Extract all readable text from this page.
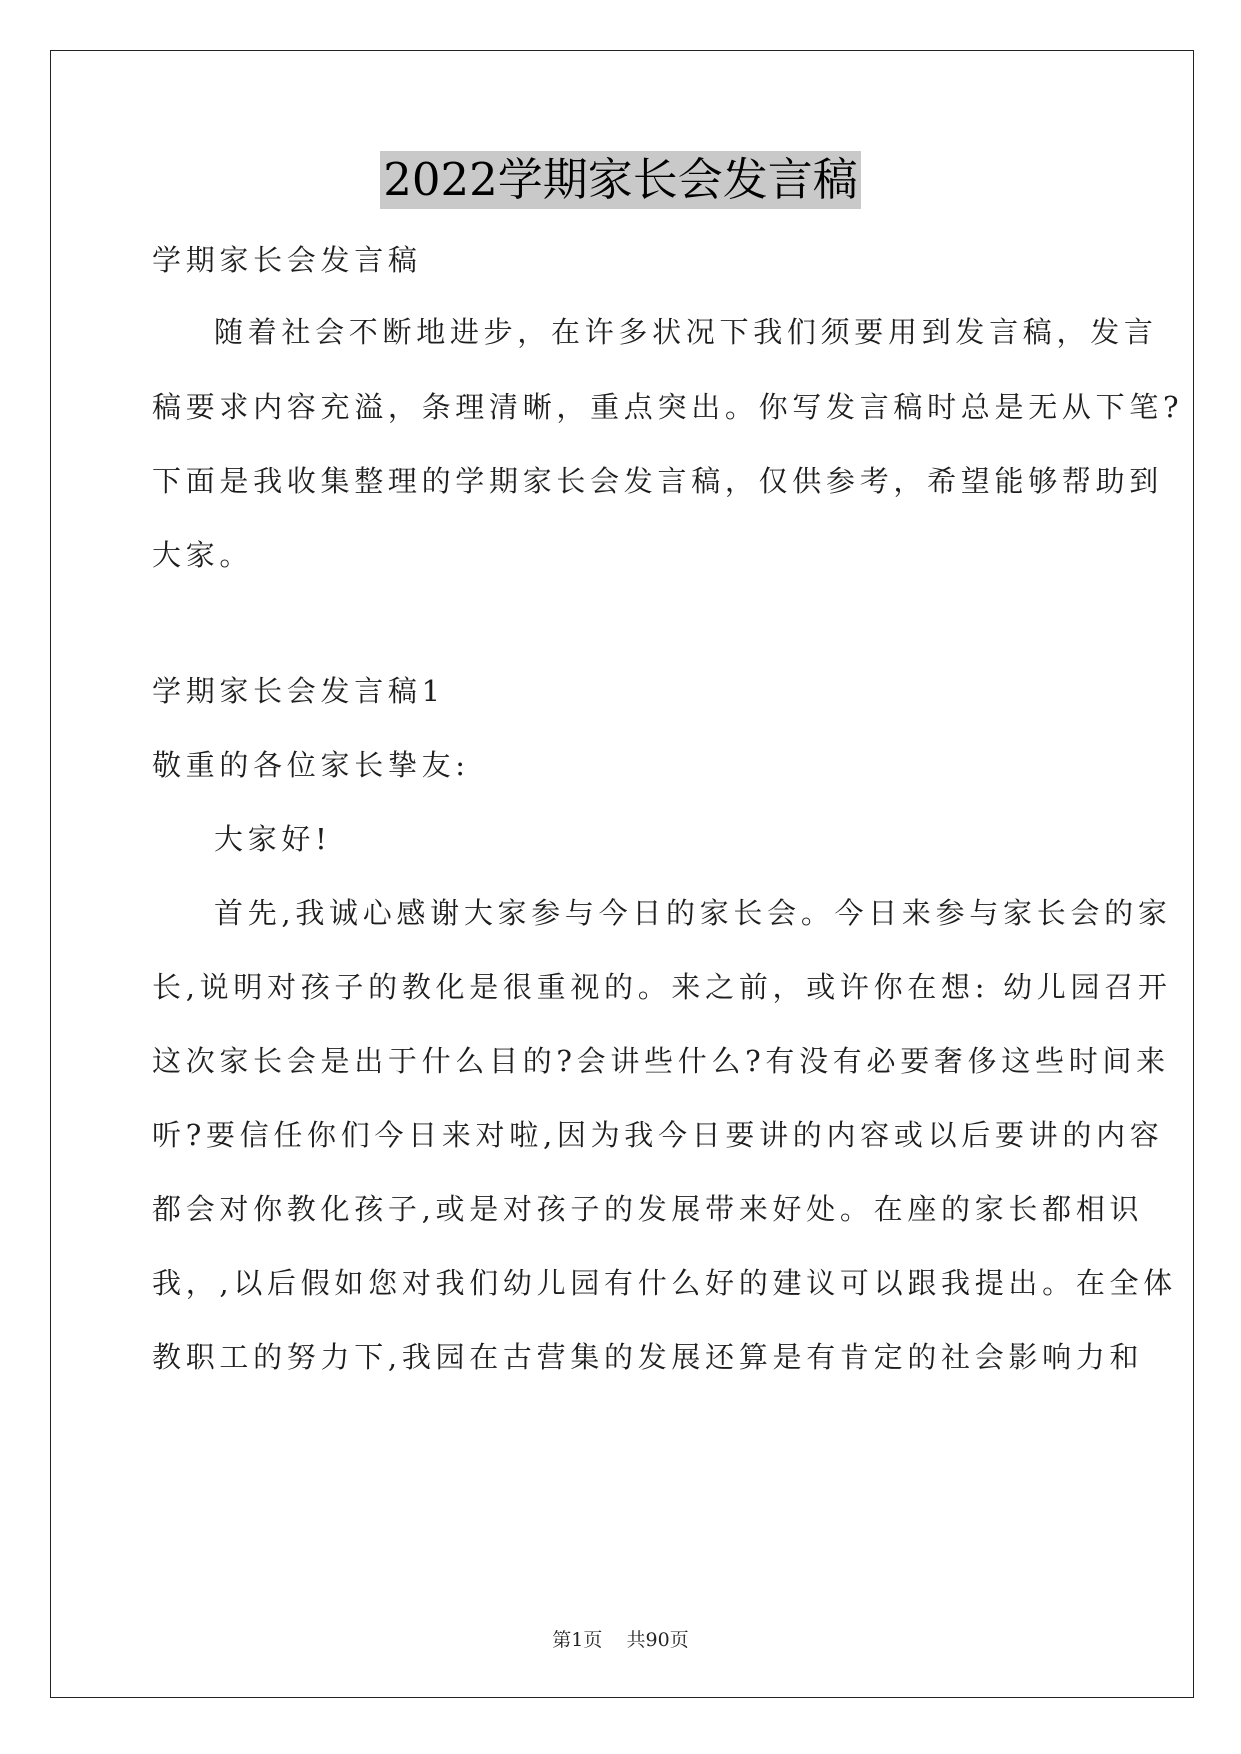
2022学期家长会发言稿
学期家长会发言稿
随着社会不断地进步，在许多状况下我们须要用到发言稿，发言
稿要求内容充溢，条理清晰，重点突出。你写发言稿时总是无从下笔?
下面是我收集整理的学期家长会发言稿，仅供参考，希望能够帮助到
大家。
学期家长会发言稿1
敬重的各位家长挚友:
大家好!
首先,我诚心感谢大家参与今日的家长会。今日来参与家长会的家
长,说明对孩子的教化是很重视的。来之前，或许你在想: 幼儿园召开
这次家长会是出于什么目的?会讲些什么?有没有必要奢侈这些时间来
听?要信任你们今日来对啦,因为我今日要讲的内容或以后要讲的内容
都会对你教化孩子,或是对孩子的发展带来好处。在座的家长都相识
我，,以后假如您对我们幼儿园有什么好的建议可以跟我提出。在全体
教职工的努力下,我园在古营集的发展还算是有肯定的社会影响力和
第1页    共90页
